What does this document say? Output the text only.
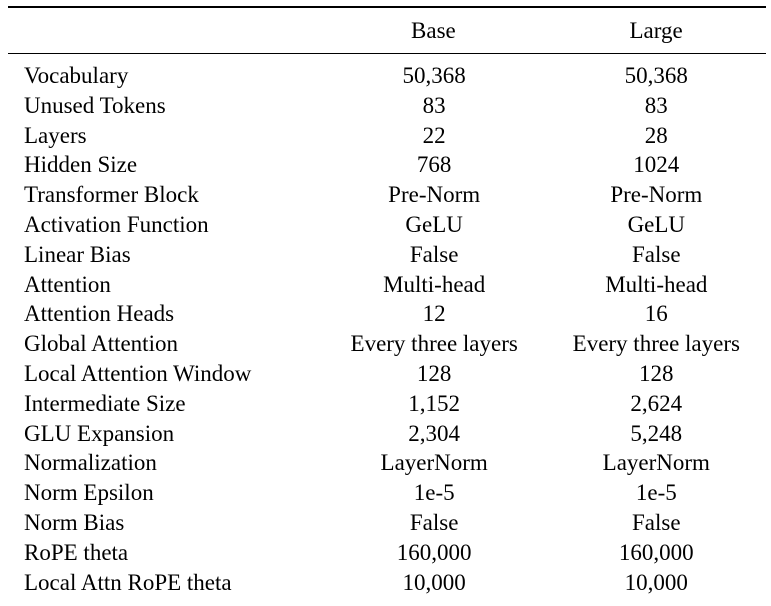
	Base	Large

Vocabulary	50,368	50,368
Unused Tokens	83	83
Layers	22	28
Hidden Size	768	1024
Transformer Block	Pre-Norm	Pre-Norm
Activation Function	GeLU	GeLU
Linear Bias	False	False
Attention	Multi-head	Multi-head
Attention Heads	12	16
Global Attention	Every three layers	Every three layers
Local Attention Window	128	128
Intermediate Size	1,152	2,624
GLU Expansion	2,304	5,248
Normalization	LayerNorm	LayerNorm
Norm Epsilon	1e-5	1e-5
Norm Bias	False	False
RoPE theta	160,000	160,000
Local Attn RoPE theta	10,000	10,000
